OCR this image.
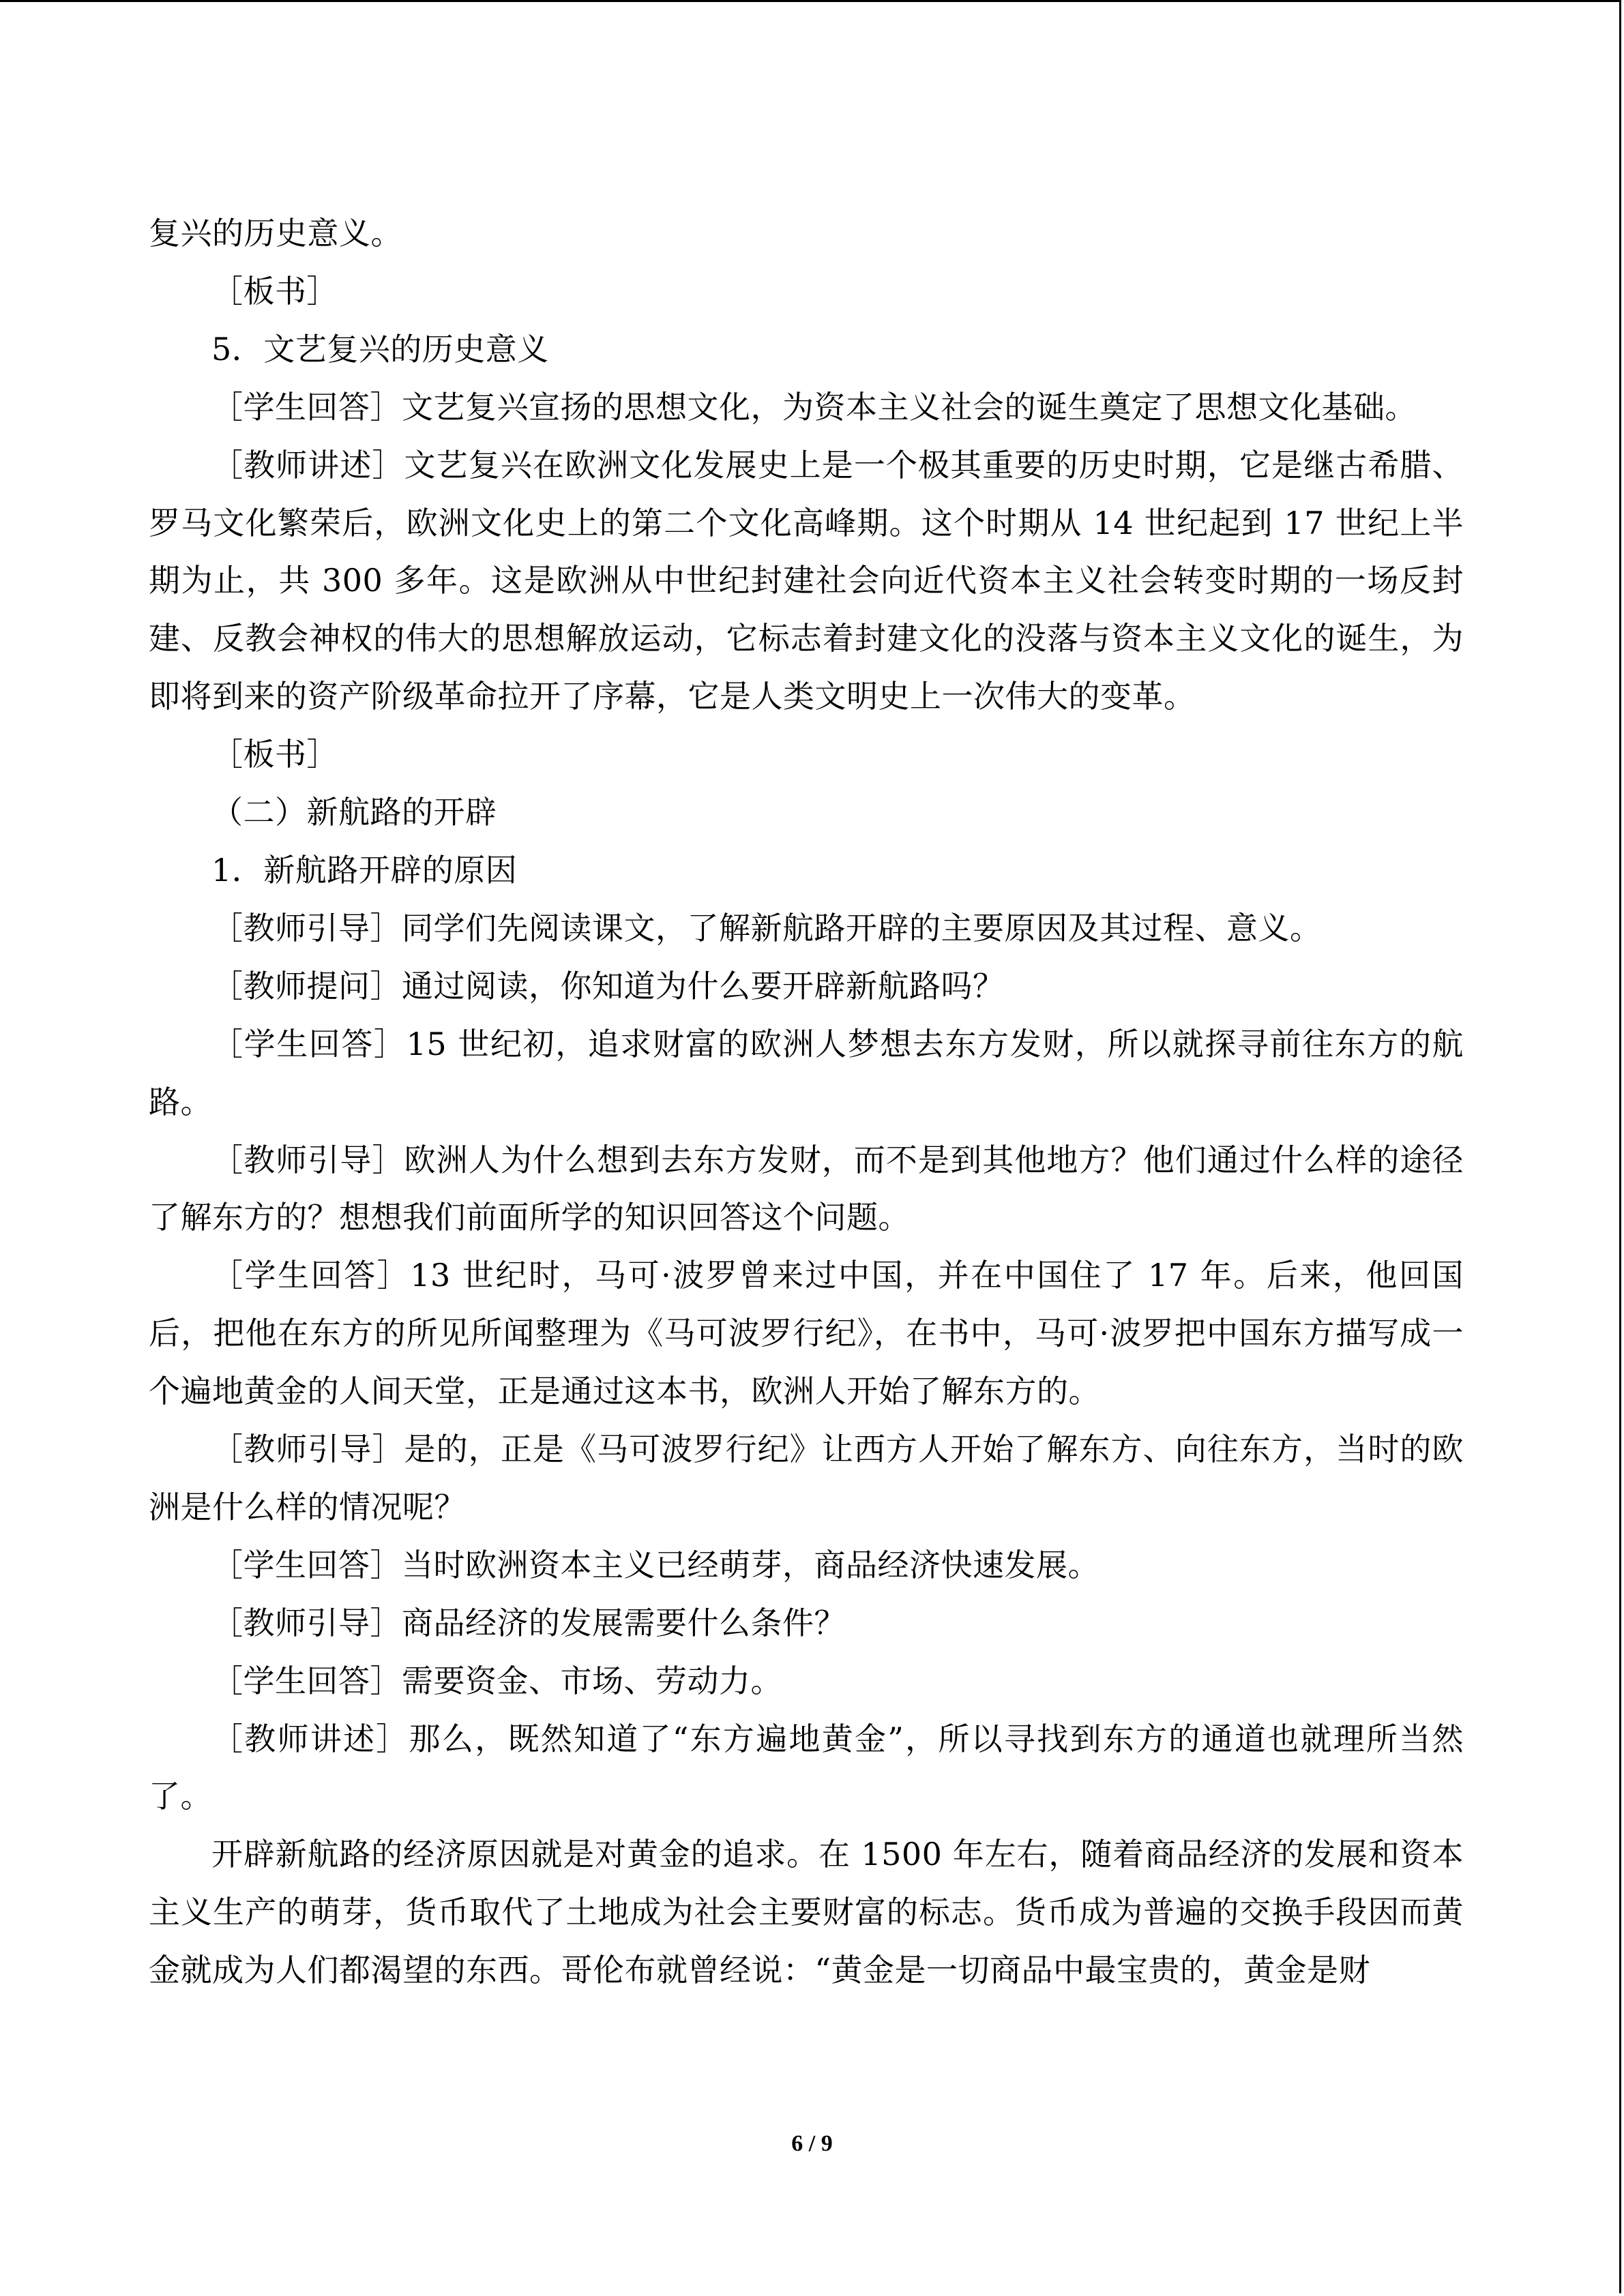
复兴的历史意义。

［板书］

5．文艺复兴的历史意义

［学生回答］文艺复兴宣扬的思想文化，为资本主义社会的诞生奠定了思想文化基础。

［教师讲述］文艺复兴在欧洲文化发展史上是一个极其重要的历史时期，它是继古希腊、罗马文化繁荣后，欧洲文化史上的第二个文化高峰期。这个时期从 14 世纪起到 17 世纪上半期为止，共 300 多年。这是欧洲从中世纪封建社会向近代资本主义社会转变时期的一场反封建、反教会神权的伟大的思想解放运动，它标志着封建文化的没落与资本主义文化的诞生，为即将到来的资产阶级革命拉开了序幕，它是人类文明史上一次伟大的变革。

［板书］

（二）新航路的开辟

1．新航路开辟的原因

［教师引导］同学们先阅读课文，了解新航路开辟的主要原因及其过程、意义。

［教师提问］通过阅读，你知道为什么要开辟新航路吗？

［学生回答］15 世纪初，追求财富的欧洲人梦想去东方发财，所以就探寻前往东方的航路。

［教师引导］欧洲人为什么想到去东方发财，而不是到其他地方？他们通过什么样的途径了解东方的？想想我们前面所学的知识回答这个问题。

［学生回答］13 世纪时，马可·波罗曾来过中国，并在中国住了 17 年。后来，他回国后，把他在东方的所见所闻整理为《马可波罗行纪》，在书中，马可·波罗把中国东方描写成一个遍地黄金的人间天堂，正是通过这本书，欧洲人开始了解东方的。

［教师引导］是的，正是《马可波罗行纪》让西方人开始了解东方、向往东方，当时的欧洲是什么样的情况呢？

［学生回答］当时欧洲资本主义已经萌芽，商品经济快速发展。

［教师引导］商品经济的发展需要什么条件？

［学生回答］需要资金、市场、劳动力。

［教师讲述］那么，既然知道了“东方遍地黄金”，所以寻找到东方的通道也就理所当然了。

开辟新航路的经济原因就是对黄金的追求。在 1500 年左右，随着商品经济的发展和资本主义生产的萌芽，货币取代了土地成为社会主要财富的标志。货币成为普遍的交换手段因而黄金就成为人们都渴望的东西。哥伦布就曾经说：“黄金是一切商品中最宝贵的，黄金是财

6 / 9
